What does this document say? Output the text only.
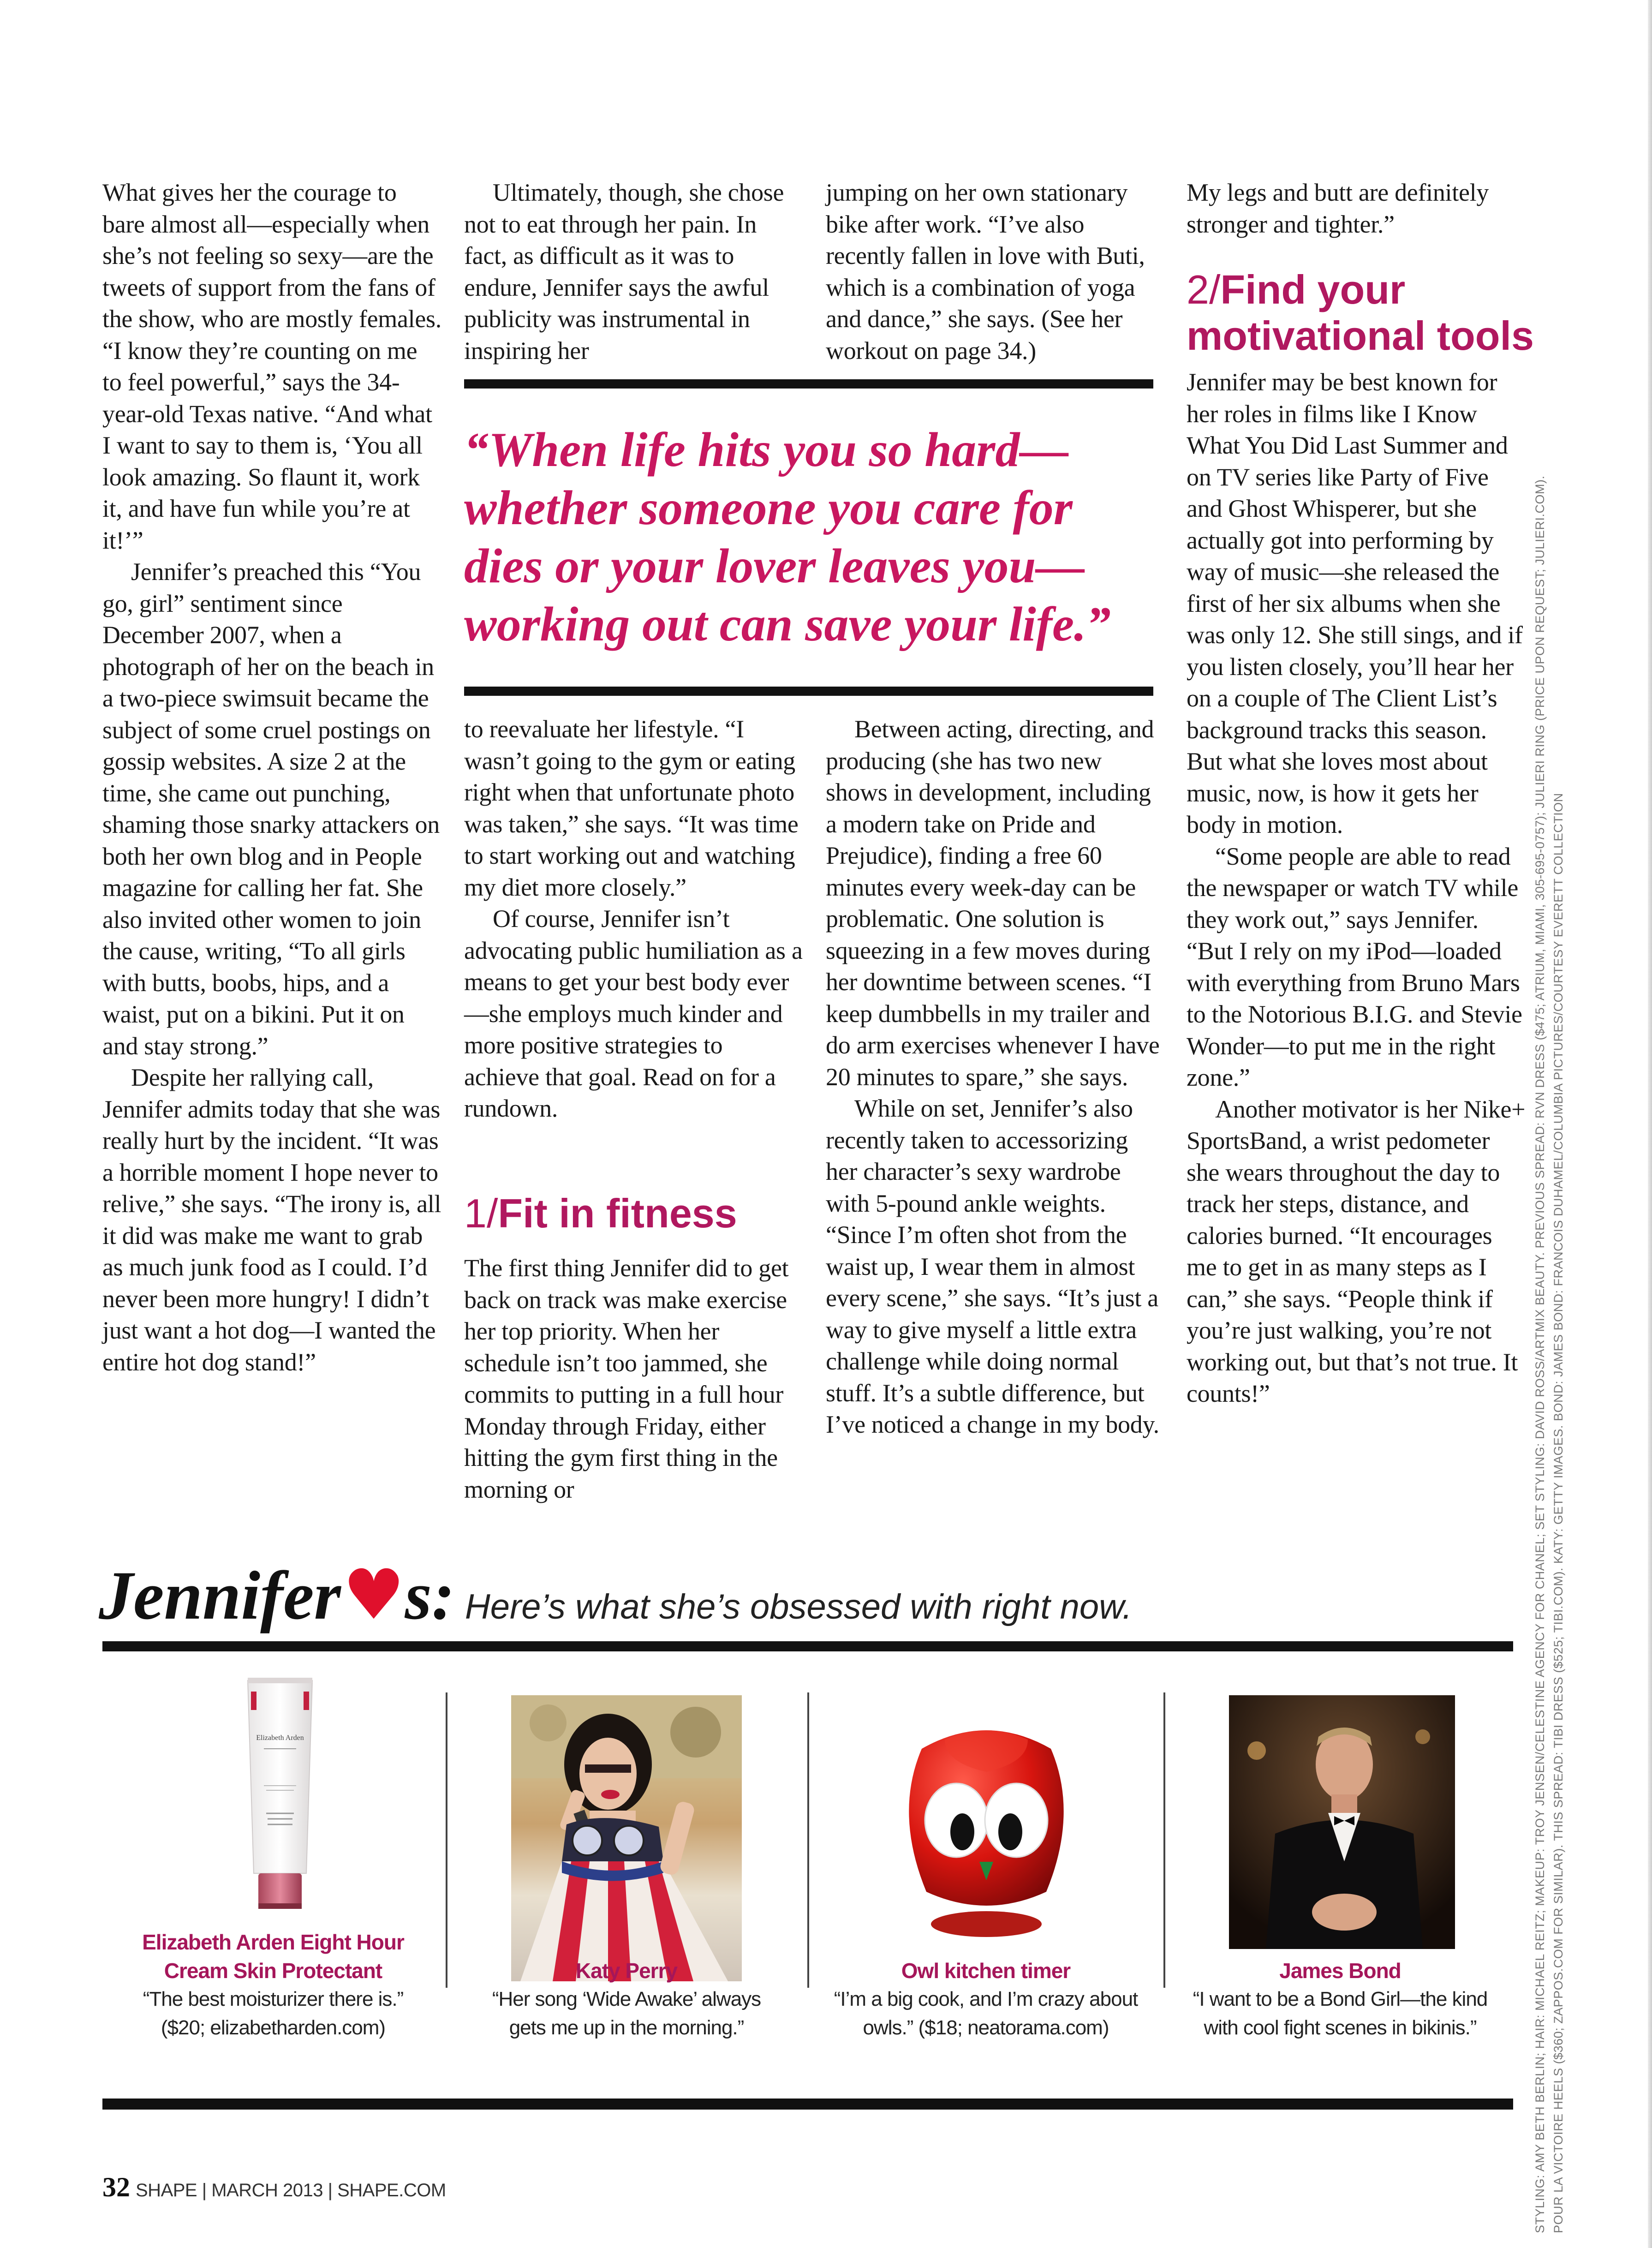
What gives her the courage to bare almost all—especially when she’s not feeling so sexy—are the tweets of support from the fans of the show, who are mostly females. “I know they’re counting on me to feel powerful,” says the 34-year-old Texas native. “And what I want to say to them is, ‘You all look amazing. So flaunt it, work it, and have fun while you’re at it!’”

Jennifer’s preached this “You go, girl” sentiment since December 2007, when a photograph of her on the beach in a two-piece swimsuit became the subject of some cruel postings on gossip websites. A size 2 at the time, she came out punching, shaming those snarky attackers on both her own blog and in People magazine for calling her fat. She also invited other women to join the cause, writing, “To all girls with butts, boobs, hips, and a waist, put on a bikini. Put it on and stay strong.”

Despite her rallying call, Jennifer admits today that she was really hurt by the incident. “It was a horrible moment I hope never to relive,” she says. “The irony is, all it did was make me want to grab as much junk food as I could. I’d never been more hungry! I didn’t just want a hot dog—I wanted the entire hot dog stand!”

Ultimately, though, she chose not to eat through her pain. In fact, as difficult as it was to endure, Jennifer says the awful publicity was instrumental in inspiring her

jumping on her own stationary bike after work. “I’ve also recently fallen in love with Buti, which is a combination of yoga and dance,” she says. (See her workout on page 34.)

“When life hits you so hard—whether someone you care for dies or your lover leaves you—working out can save your life.”

to reevaluate her lifestyle. “I wasn’t going to the gym or eating right when that unfortunate photo was taken,” she says. “It was time to start working out and watching my diet more closely.”

Of course, Jennifer isn’t advocating public humiliation as a means to get your best body ever—she employs much kinder and more positive strategies to achieve that goal. Read on for a rundown.

1/Fit in fitness

The first thing Jennifer did to get back on track was make exercise her top priority. When her schedule isn’t too jammed, she commits to putting in a full hour Monday through Friday, either hitting the gym first thing in the morning or

Between acting, directing, and producing (she has two new shows in development, including a modern take on Pride and Prejudice), finding a free 60 minutes every week-day can be problematic. One solution is squeezing in a few moves during her downtime between scenes. “I keep dumbbells in my trailer and do arm exercises whenever I have 20 minutes to spare,” she says.

While on set, Jennifer’s also recently taken to accessorizing her character’s sexy wardrobe with 5-pound ankle weights. “Since I’m often shot from the waist up, I wear them in almost every scene,” she says. “It’s just a way to give myself a little extra challenge while doing normal stuff. It’s a subtle difference, but I’ve noticed a change in my body.

My legs and butt are definitely stronger and tighter.”

2/Find your
motivational tools

Jennifer may be best known for her roles in films like I Know What You Did Last Summer and on TV series like Party of Five and Ghost Whisperer, but she actually got into performing by way of music—she released the first of her six albums when she was only 12. She still sings, and if you listen closely, you’ll hear her on a couple of The Client List’s background tracks this season. But what she loves most about music, now, is how it gets her body in motion.

“Some people are able to read the newspaper or watch TV while they work out,” says Jennifer. “But I rely on my iPod—loaded with everything from Bruno Mars to the Notorious B.I.G. and Stevie Wonder—to put me in the right zone.”

Another motivator is her Nike+ SportsBand, a wrist pedometer she wears throughout the day to track her steps, distance, and calories burned. “It encourages me to get in as many steps as I can,” she says. “People think if you’re just walking, you’re not working out, but that’s not true. It counts!”

Jennifer ♥s: Here’s what she’s obsessed with right now.
Elizabeth Arden
Elizabeth Arden Eight Hour
Cream Skin Protectant
“The best moisturizer there is.”
($20; elizabetharden.com)
Katy Perry
“Her song ‘Wide Awake’ always
gets me up in the morning.”
Owl kitchen timer
“I’m a big cook, and I’m crazy about
owls.” ($18; neatorama.com)
James Bond
“I want to be a Bond Girl—the kind
with cool fight scenes in bikinis.”
32 SHAPE | MARCH 2013 | SHAPE.COM	STYLING: AMY BETH BERLIN; HAIR: MICHAEL REITZ; MAKEUP: TROY JENSEN/CELESTINE AGENCY FOR CHANEL; SET STYLING: DAVID ROSS/ARTMIX BEAUTY. PREVIOUS SPREAD: RVN DRESS ($475; ATRIUM, MIAMI, 305-695-0757); JULIERI RING (PRICE UPON REQUEST; JULIERI.COM). POUR LA VICTOIRE HEELS ($360; ZAPPOS.COM FOR SIMILAR). THIS SPREAD: TIBI DRESS ($525; TIBI.COM). KATY: GETTY IMAGES. BOND: JAMES BOND: FRANCOIS DUHAMEL/COLUMBIA PICTURES/COURTESY EVERETT COLLECTION
